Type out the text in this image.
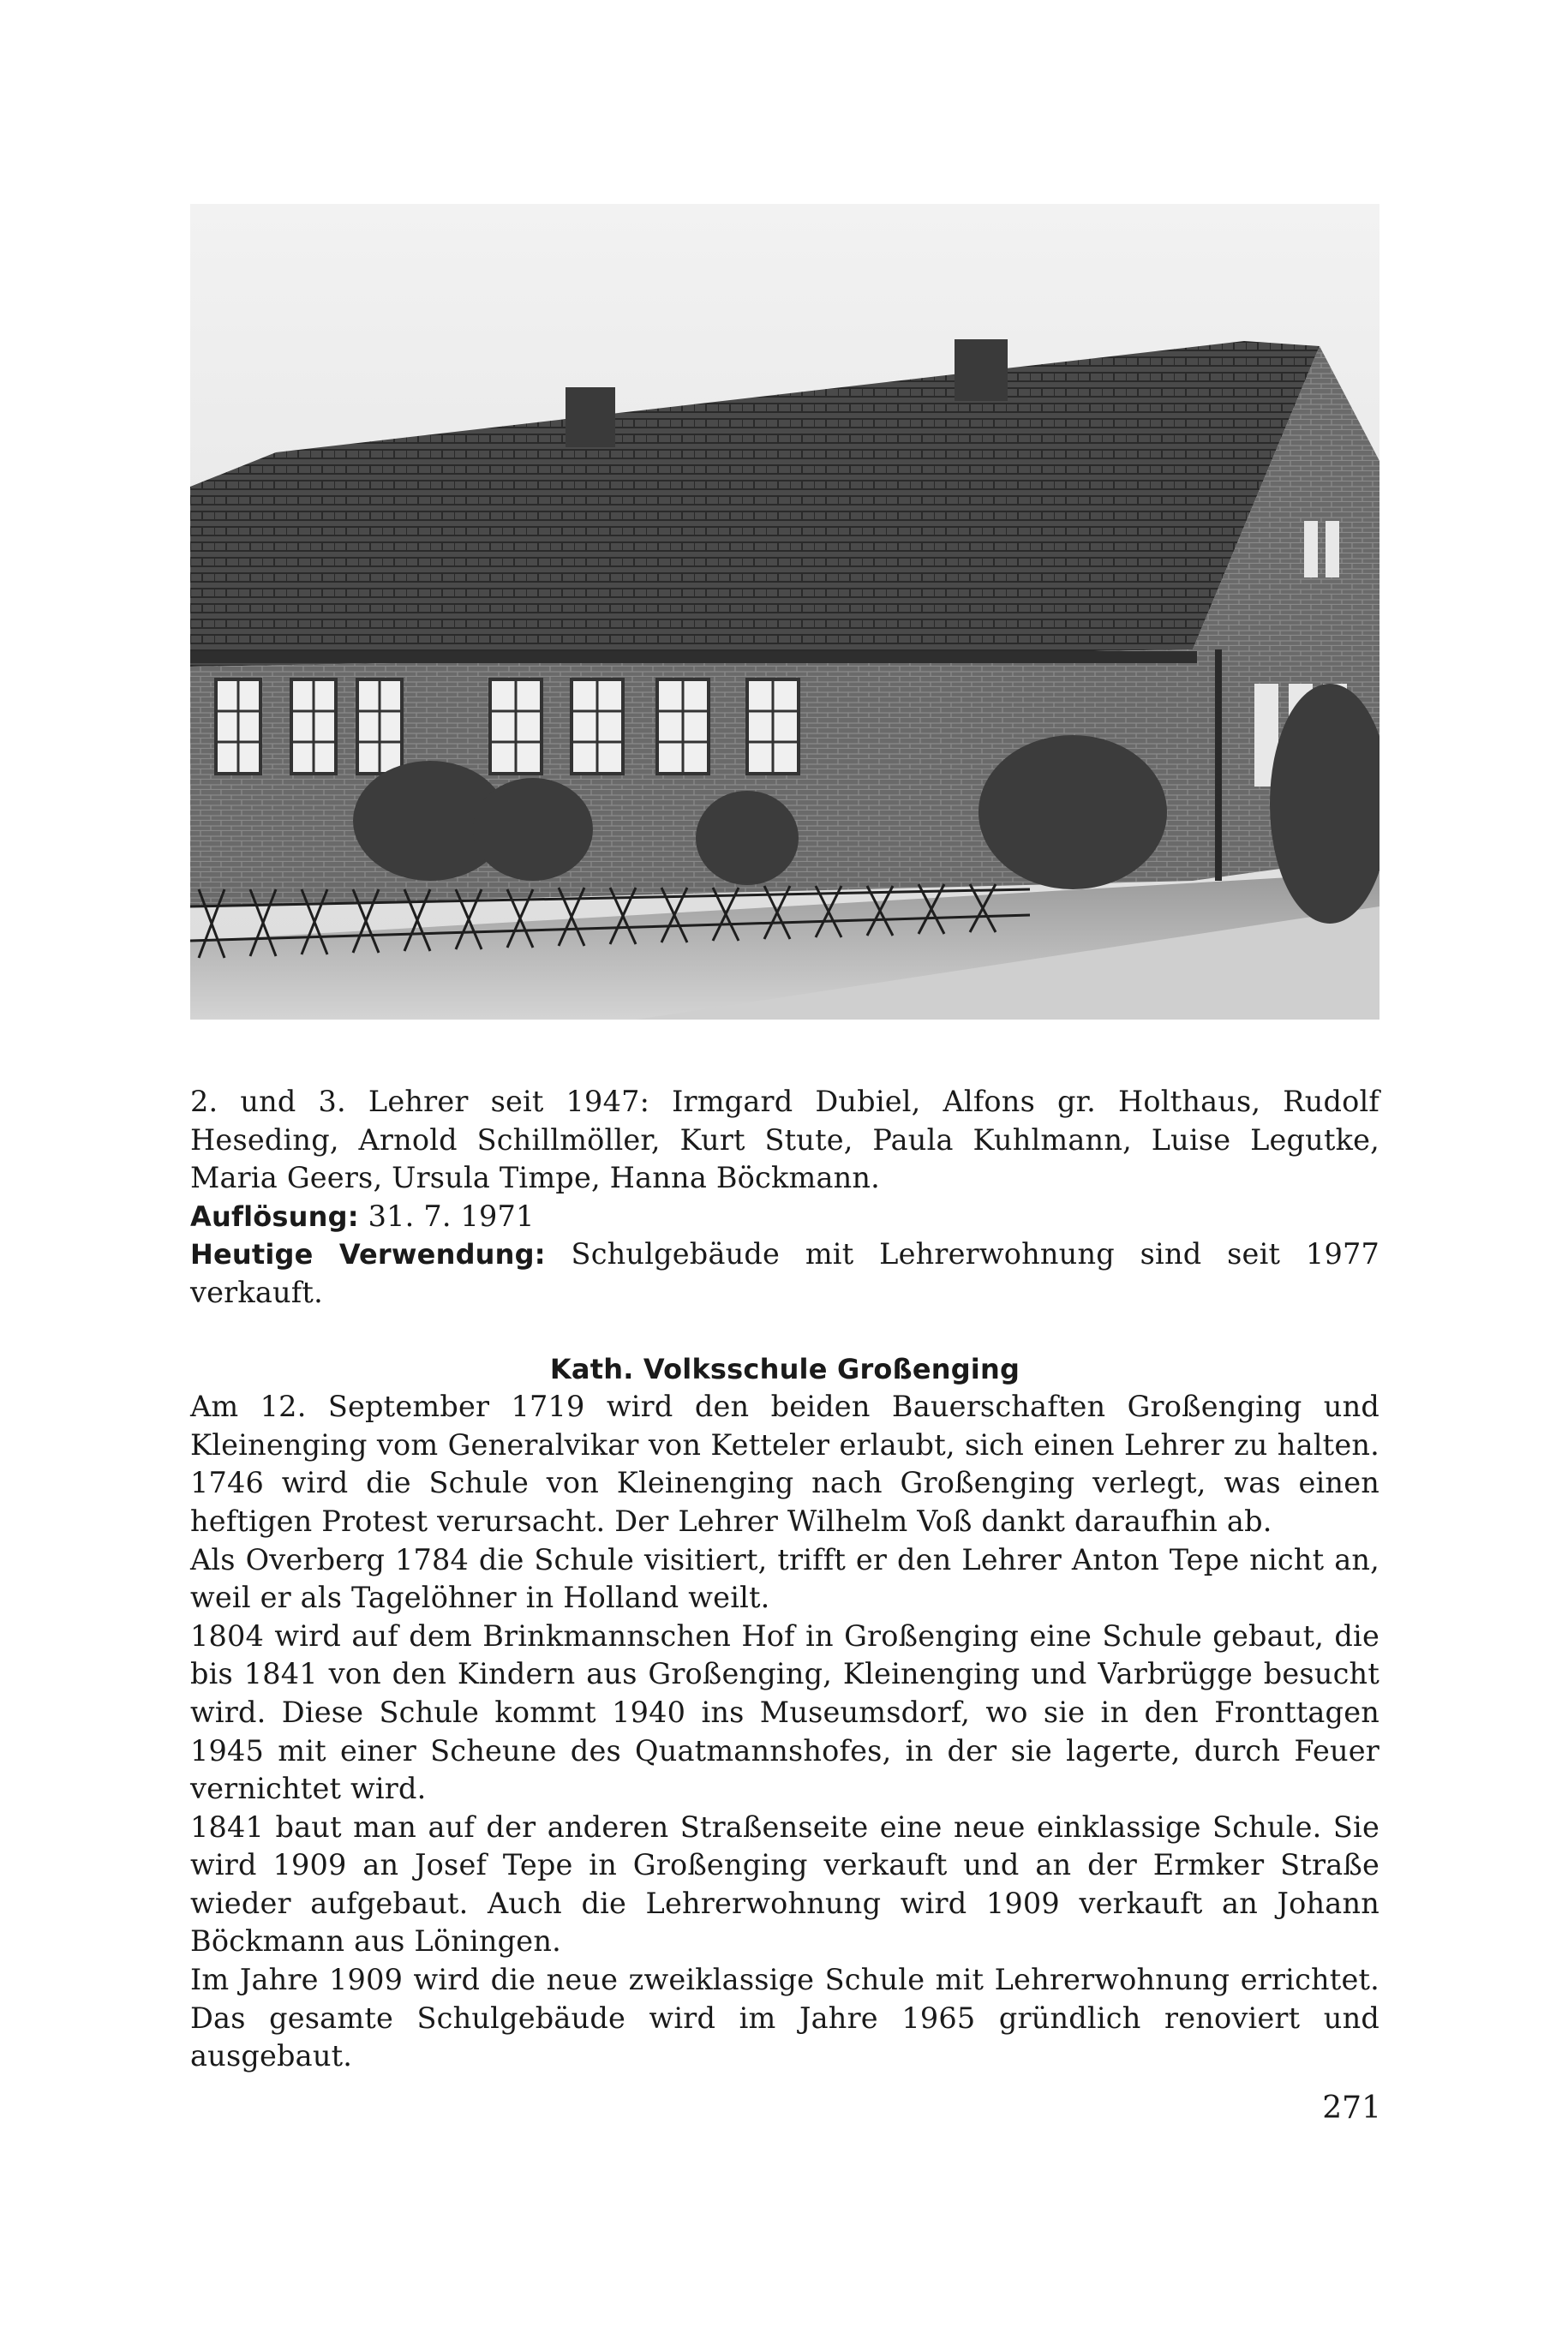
2. und 3. Lehrer seit 1947: Irmgard Dubiel, Alfons gr. Holthaus, Rudolf Heseding, Arnold Schillmöller, Kurt Stute, Paula Kuhlmann, Luise Legutke, Maria Geers, Ursula Timpe, Hanna Böckmann.

Auflösung: 31. 7. 1971

Heutige Verwendung: Schulgebäude mit Lehrerwohnung sind seit 1977 verkauft.

Kath. Volksschule Großenging

Am 12. September 1719 wird den beiden Bauerschaften Großenging und Kleinenging vom Generalvikar von Ketteler erlaubt, sich einen Lehrer zu halten. 1746 wird die Schule von Kleinenging nach Großenging verlegt, was einen heftigen Protest verursacht. Der Lehrer Wilhelm Voß dankt daraufhin ab.

Als Overberg 1784 die Schule visitiert, trifft er den Lehrer Anton Tepe nicht an, weil er als Tagelöhner in Holland weilt.

1804 wird auf dem Brinkmannschen Hof in Großenging eine Schule gebaut, die bis 1841 von den Kindern aus Großenging, Kleinenging und Varbrügge besucht wird. Diese Schule kommt 1940 ins Museumsdorf, wo sie in den Fronttagen 1945 mit einer Scheune des Quatmannshofes, in der sie lagerte, durch Feuer vernichtet wird.

1841 baut man auf der anderen Straßenseite eine neue einklassige Schule. Sie wird 1909 an Josef Tepe in Großenging verkauft und an der Ermker Straße wieder aufgebaut. Auch die Lehrerwohnung wird 1909 verkauft an Johann Böckmann aus Löningen.

Im Jahre 1909 wird die neue zweiklassige Schule mit Lehrerwohnung errichtet. Das gesamte Schulgebäude wird im Jahre 1965 gründlich renoviert und ausgebaut.

271
